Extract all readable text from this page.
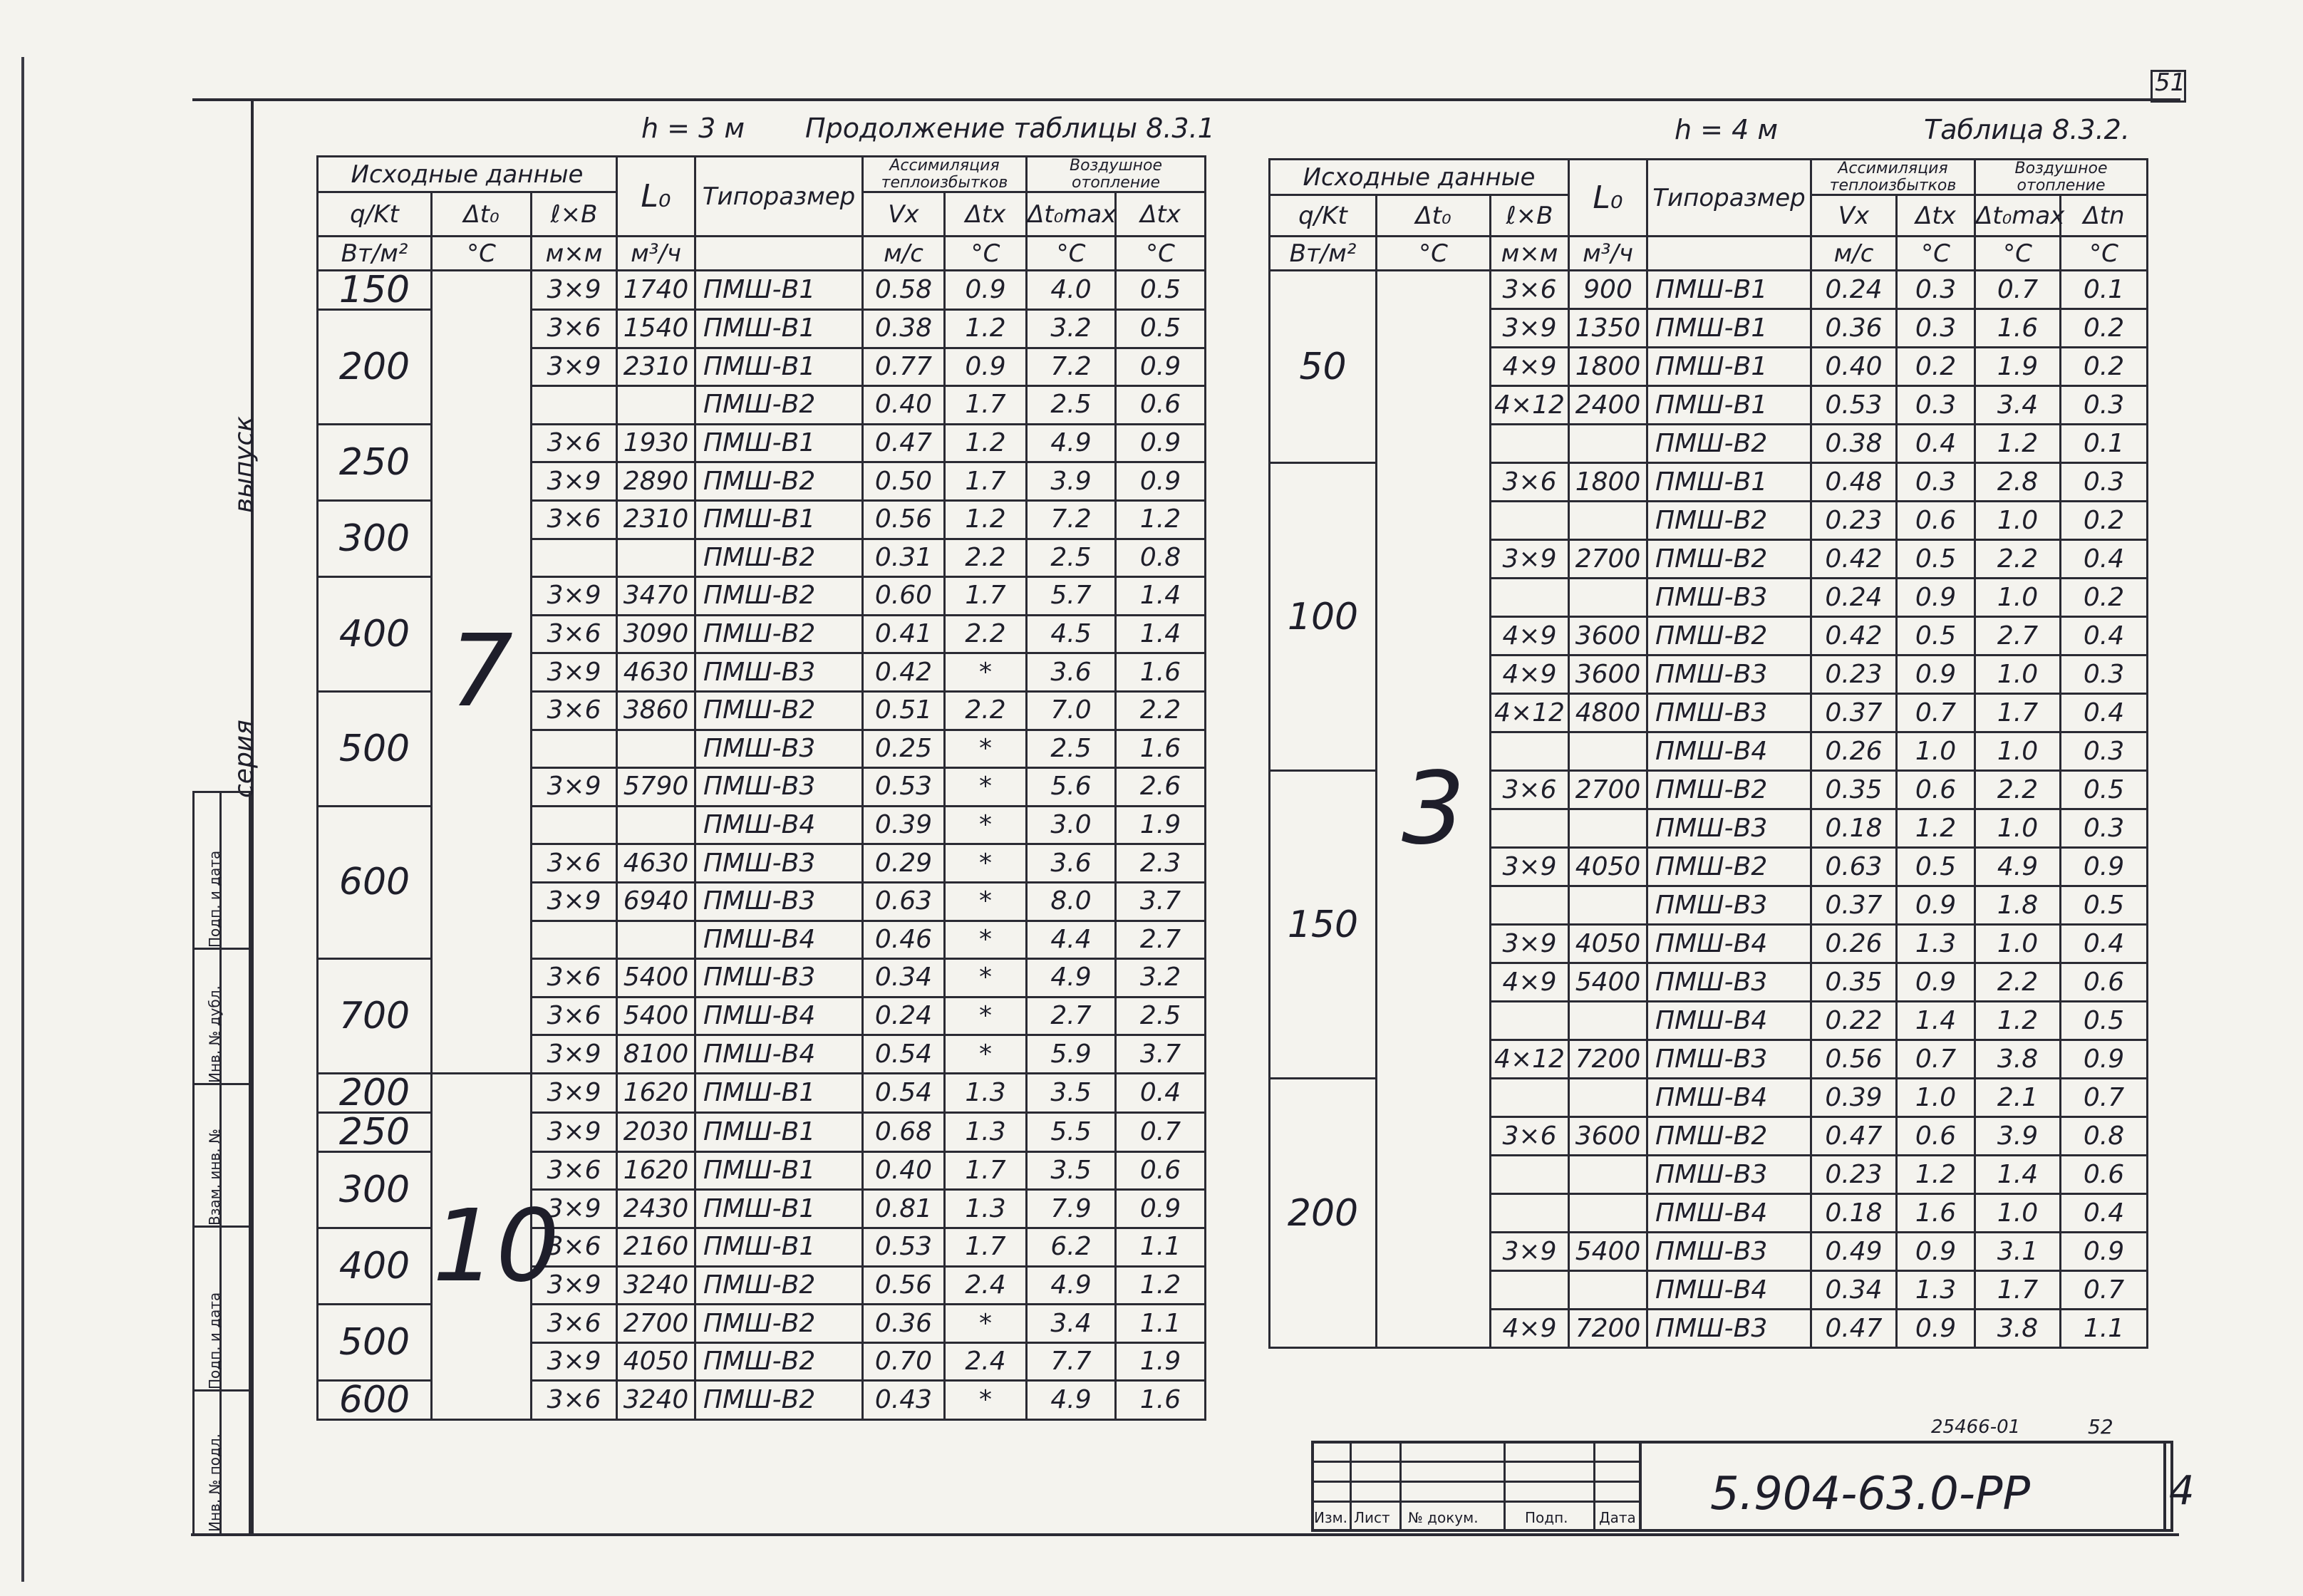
51
выпуск
серия
Инв. № подл.
Подп. и дата
Взам. инв. №
Инв. № дубл.
Подп. и дата
h = 3 м Продолжение таблицы 8.3.1	h = 4 м	Таблица 8.3.2.
Исходные данные			L₀	Типоразмер	Ассимиляция теплоизбытков		Воздушное отопление	
q/Kt	Δt₀	ℓ×B			Vx	Δtx	Δt₀max	Δtx
Вт/м²	°C	м×м	м³/ч		м/с	°C	°C	°C
150	7	3×9	1740	ПМШ-В1	0.58	0.9	4.0	0.5
200		3×6	1540	ПМШ-В1	0.38	1.2	3.2	0.5
		3×9	2310	ПМШ-В1	0.77	0.9	7.2	0.9
				ПМШ-В2	0.40	1.7	2.5	0.6
250		3×6	1930	ПМШ-В1	0.47	1.2	4.9	0.9
		3×9	2890	ПМШ-В2	0.50	1.7	3.9	0.9
300		3×6	2310	ПМШ-В1	0.56	1.2	7.2	1.2
				ПМШ-В2	0.31	2.2	2.5	0.8
400		3×9	3470	ПМШ-В2	0.60	1.7	5.7	1.4
		3×6	3090	ПМШ-В2	0.41	2.2	4.5	1.4
		3×9	4630	ПМШ-В3	0.42	*	3.6	1.6
500		3×6	3860	ПМШ-В2	0.51	2.2	7.0	2.2
				ПМШ-В3	0.25	*	2.5	1.6
		3×9	5790	ПМШ-В3	0.53	*	5.6	2.6
600				ПМШ-В4	0.39	*	3.0	1.9
		3×6	4630	ПМШ-В3	0.29	*	3.6	2.3
		3×9	6940	ПМШ-В3	0.63	*	8.0	3.7
				ПМШ-В4	0.46	*	4.4	2.7
700		3×6	5400	ПМШ-В3	0.34	*	4.9	3.2
		3×6	5400	ПМШ-В4	0.24	*	2.7	2.5
		3×9	8100	ПМШ-В4	0.54	*	5.9	3.7
200	10	3×9	1620	ПМШ-В1	0.54	1.3	3.5	0.4
250		3×9	2030	ПМШ-В1	0.68	1.3	5.5	0.7
300		3×6	1620	ПМШ-В1	0.40	1.7	3.5	0.6
		3×9	2430	ПМШ-В1	0.81	1.3	7.9	0.9
400		3×6	2160	ПМШ-В1	0.53	1.7	6.2	1.1
		3×9	3240	ПМШ-В2	0.56	2.4	4.9	1.2
500		3×6	2700	ПМШ-В2	0.36	*	3.4	1.1
		3×9	4050	ПМШ-В2	0.70	2.4	7.7	1.9
600		3×6	3240	ПМШ-В2	0.43	*	4.9	1.6
Исходные данные			L₀	Типоразмер	Ассимиляция теплоизбытков		Воздушное отопление	
q/Kt	Δt₀	ℓ×B			Vx	Δtx	Δt₀max	Δtn
Вт/м²	°C	м×м	м³/ч		м/с	°C	°C	°C
50	3	3×6	900	ПМШ-В1	0.24	0.3	0.7	0.1
		3×9	1350	ПМШ-В1	0.36	0.3	1.6	0.2
		4×9	1800	ПМШ-В1	0.40	0.2	1.9	0.2
		4×12	2400	ПМШ-В1	0.53	0.3	3.4	0.3
				ПМШ-В2	0.38	0.4	1.2	0.1
100		3×6	1800	ПМШ-В1	0.48	0.3	2.8	0.3
				ПМШ-В2	0.23	0.6	1.0	0.2
		3×9	2700	ПМШ-В2	0.42	0.5	2.2	0.4
				ПМШ-В3	0.24	0.9	1.0	0.2
		4×9	3600	ПМШ-В2	0.42	0.5	2.7	0.4
		4×9	3600	ПМШ-В3	0.23	0.9	1.0	0.3
		4×12	4800	ПМШ-В3	0.37	0.7	1.7	0.4
				ПМШ-В4	0.26	1.0	1.0	0.3
150		3×6	2700	ПМШ-В2	0.35	0.6	2.2	0.5
				ПМШ-В3	0.18	1.2	1.0	0.3
		3×9	4050	ПМШ-В2	0.63	0.5	4.9	0.9
				ПМШ-В3	0.37	0.9	1.8	0.5
		3×9	4050	ПМШ-В4	0.26	1.3	1.0	0.4
		4×9	5400	ПМШ-В3	0.35	0.9	2.2	0.6
				ПМШ-В4	0.22	1.4	1.2	0.5
		4×12	7200	ПМШ-В3	0.56	0.7	3.8	0.9
200				ПМШ-В4	0.39	1.0	2.1	0.7
		3×6	3600	ПМШ-В2	0.47	0.6	3.9	0.8
				ПМШ-В3	0.23	1.2	1.4	0.6
				ПМШ-В4	0.18	1.6	1.0	0.4
		3×9	5400	ПМШ-В3	0.49	0.9	3.1	0.9
				ПМШ-В4	0.34	1.3	1.7	0.7
		4×9	7200	ПМШ-В3	0.47	0.9	3.8	1.1
Изм. Лист № докум.	Подп. Дата 5.904-63.0-РР
25466-01	52
4
